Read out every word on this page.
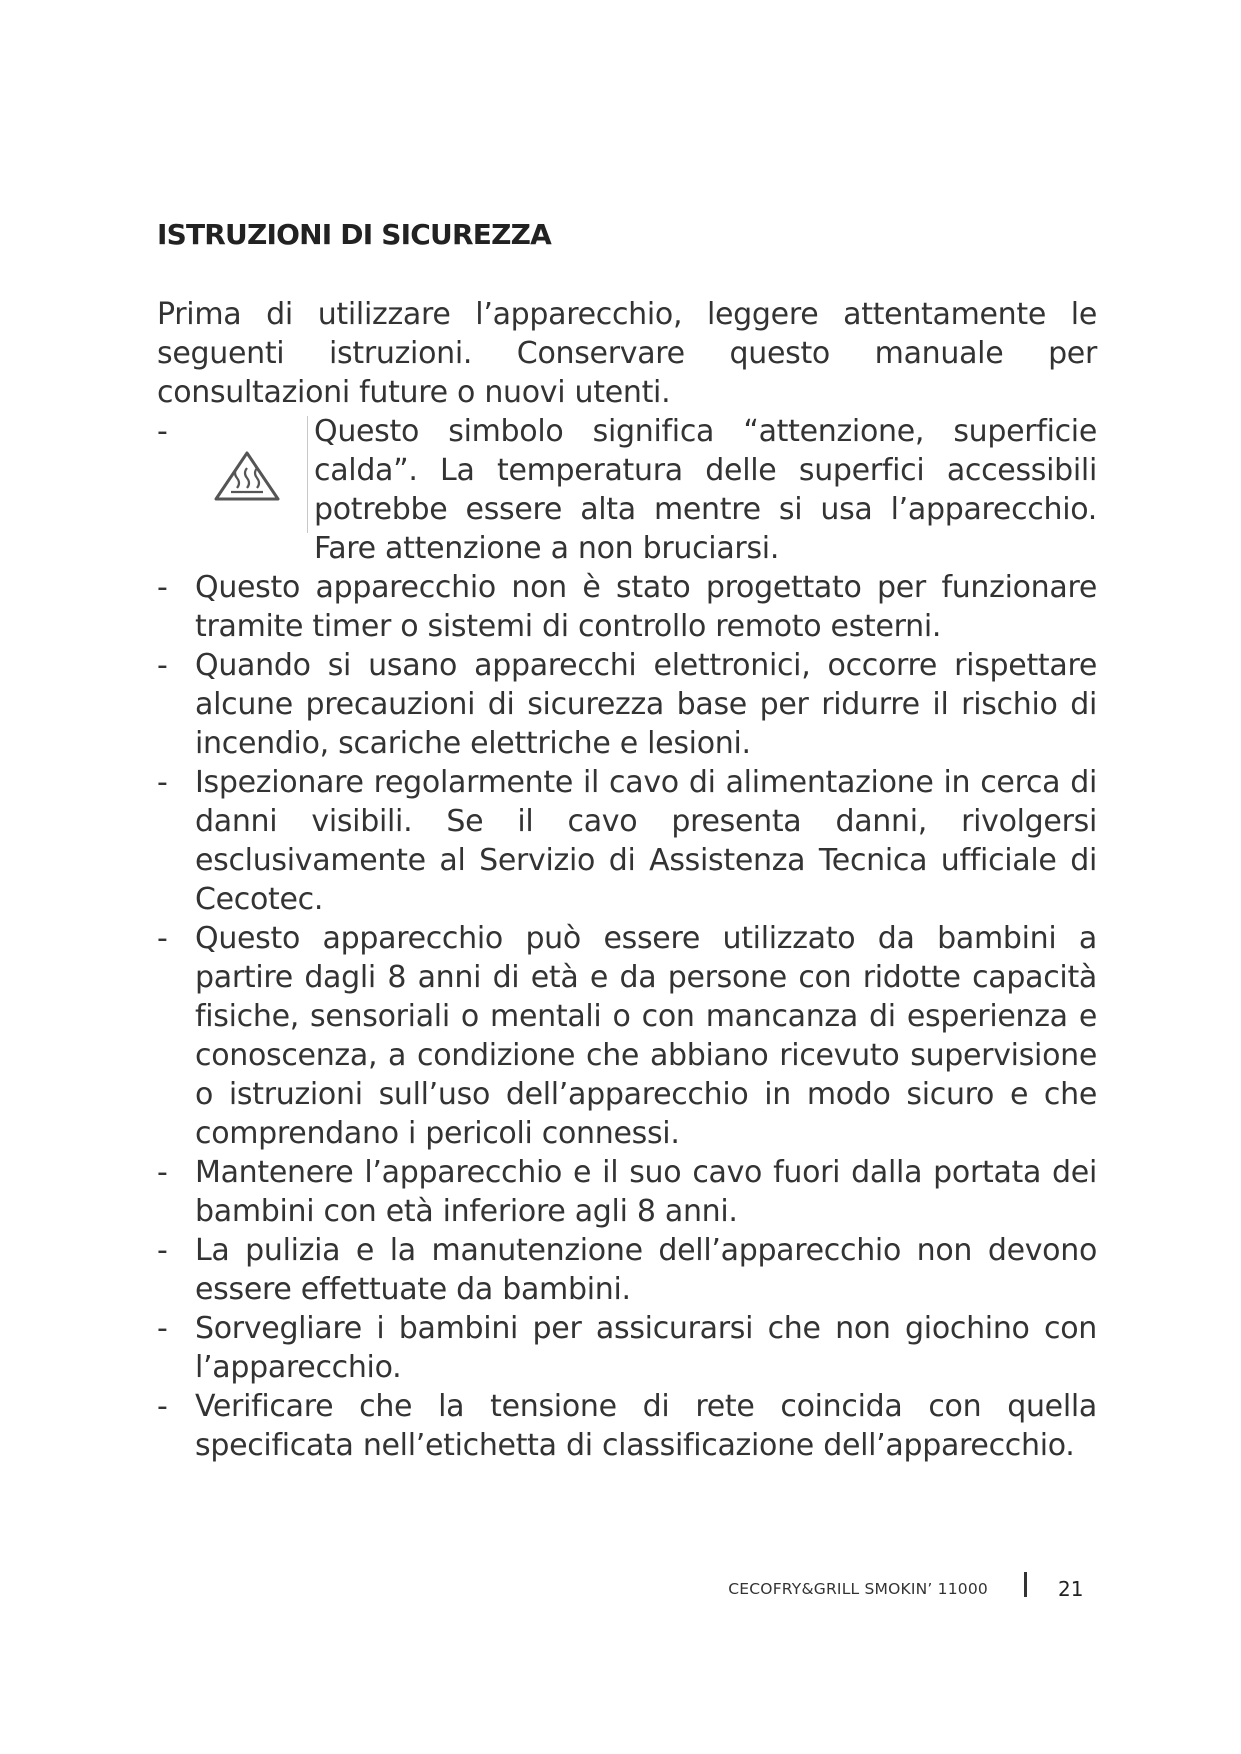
ISTRUZIONI DI SICUREZZA

Prima di utilizzare l’apparecchio, leggere attentamente le seguenti istruzioni. Conservare questo manuale per consultazioni future o nuovi utenti.

-	Questo simbolo significa “attenzione, superficie calda”. La temperatura delle superfici accessibili potrebbe essere alta mentre si usa l’apparecchio. Fare attenzione a non bruciarsi.
- Questo apparecchio non è stato progettato per funzionare tramite timer o sistemi di controllo remoto esterni.
- Quando si usano apparecchi elettronici, occorre rispettare alcune precauzioni di sicurezza base per ridurre il rischio di incendio, scariche elettriche e lesioni.
- Ispezionare regolarmente il cavo di alimentazione in cerca di danni visibili. Se il cavo presenta danni, rivolgersi esclusivamente al Servizio di Assistenza Tecnica ufficiale di Cecotec.
- Questo apparecchio può essere utilizzato da bambini a partire dagli 8 anni di età e da persone con ridotte capacità fisiche, sensoriali o mentali o con mancanza di esperienza e conoscenza, a condizione che abbiano ricevuto supervisione o istruzioni sull’uso dell’apparecchio in modo sicuro e che comprendano i pericoli connessi.
- Mantenere l’apparecchio e il suo cavo fuori dalla portata dei bambini con età inferiore agli 8 anni.
- La pulizia e la manutenzione dell’apparecchio non devono essere effettuate da bambini.
- Sorvegliare i bambini per assicurarsi che non giochino con l’apparecchio.
- Verificare che la tensione di rete coincida con quella specificata nell’etichetta di classificazione dell’apparecchio.
CECOFRY&GRILL SMOKIN’ 11000	21
